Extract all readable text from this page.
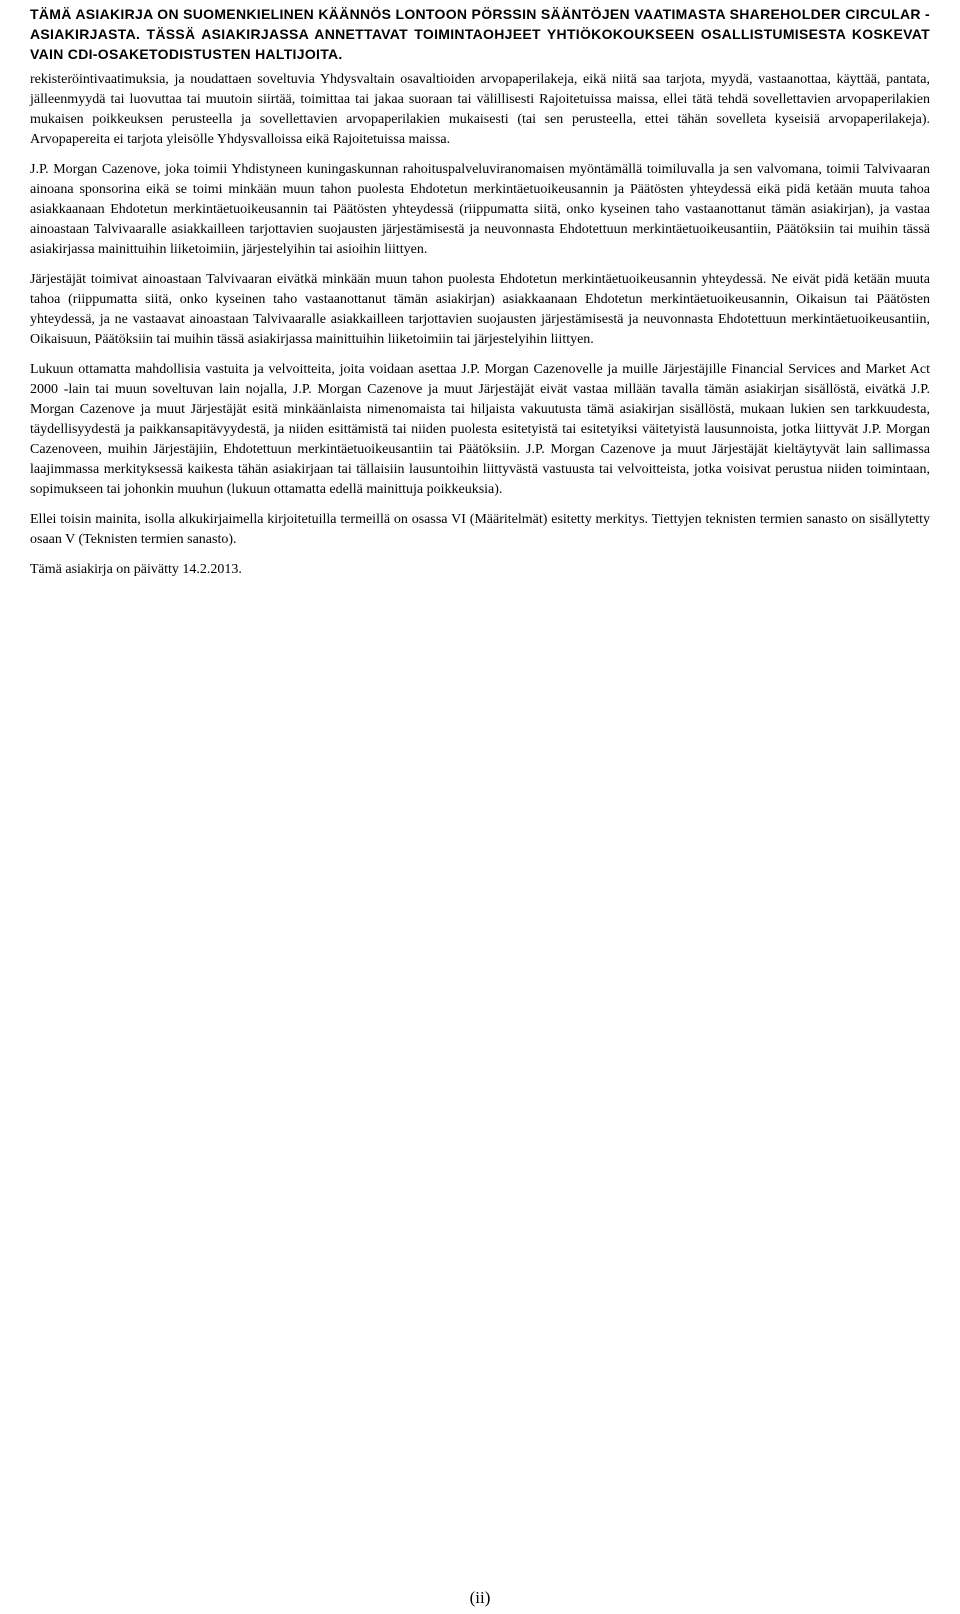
TÄMÄ ASIAKIRJA ON SUOMENKIELINEN KÄÄNNÖS LONTOON PÖRSSIN SÄÄNTÖJEN VAATIMASTA SHAREHOLDER CIRCULAR -ASIAKIRJASTA. TÄSSÄ ASIAKIRJASSA ANNETTAVAT TOIMINTAOHJEET YHTIÖKOKOUKSEEN OSALLISTUMISESTA KOSKEVAT VAIN CDI-OSAKETODISTUSTEN HALTIJOITA.

rekisteröintivaatimuksia, ja noudattaen soveltuvia Yhdysvaltain osavaltioiden arvopaperilakeja, eikä niitä saa tarjota, myydä, vastaanottaa, käyttää, pantata, jälleenmyydä tai luovuttaa tai muutoin siirtää, toimittaa tai jakaa suoraan tai välillisesti Rajoitetuissa maissa, ellei tätä tehdä sovellettavien arvopaperilakien mukaisen poikkeuksen perusteella ja sovellettavien arvopaperilakien mukaisesti (tai sen perusteella, ettei tähän sovelleta kyseisiä arvopaperilakeja). Arvopapereita ei tarjota yleisölle Yhdysvalloissa eikä Rajoitetuissa maissa.

J.P. Morgan Cazenove, joka toimii Yhdistyneen kuningaskunnan rahoituspalveluviranomaisen myöntämällä toimiluvalla ja sen valvomana, toimii Talvivaaran ainoana sponsorina eikä se toimi minkään muun tahon puolesta Ehdotetun merkintäetuoikeusannin ja Päätösten yhteydessä eikä pidä ketään muuta tahoa asiakkaanaan Ehdotetun merkintäetuoikeusannin tai Päätösten yhteydessä (riippumatta siitä, onko kyseinen taho vastaanottanut tämän asiakirjan), ja vastaa ainoastaan Talvivaaralle asiakkailleen tarjottavien suojausten järjestämisestä ja neuvonnasta Ehdotettuun merkintäetuoikeusantiin, Päätöksiin tai muihin tässä asiakirjassa mainittuihin liiketoimiin, järjestelyihin tai asioihin liittyen.

Järjestäjät toimivat ainoastaan Talvivaaran eivätkä minkään muun tahon puolesta Ehdotetun merkintäetuoikeusannin yhteydessä. Ne eivät pidä ketään muuta tahoa (riippumatta siitä, onko kyseinen taho vastaanottanut tämän asiakirjan) asiakkaanaan Ehdotetun merkintäetuoikeusannin, Oikaisun tai Päätösten yhteydessä, ja ne vastaavat ainoastaan Talvivaaralle asiakkailleen tarjottavien suojausten järjestämisestä ja neuvonnasta Ehdotettuun merkintäetuoikeusantiin, Oikaisuun, Päätöksiin tai muihin tässä asiakirjassa mainittuihin liiketoimiin tai järjestelyihin liittyen.

Lukuun ottamatta mahdollisia vastuita ja velvoitteita, joita voidaan asettaa J.P. Morgan Cazenovelle ja muille Järjestäjille Financial Services and Market Act 2000 -lain tai muun soveltuvan lain nojalla, J.P. Morgan Cazenove ja muut Järjestäjät eivät vastaa millään tavalla tämän asiakirjan sisällöstä, eivätkä J.P. Morgan Cazenove ja muut Järjestäjät esitä minkäänlaista nimenomaista tai hiljaista vakuutusta tämä asiakirjan sisällöstä, mukaan lukien sen tarkkuudesta, täydellisyydestä ja paikkansapitävyydestä, ja niiden esittämistä tai niiden puolesta esitetyistä tai esitetyiksi väitetyistä lausunnoista, jotka liittyvät J.P. Morgan Cazenoveen, muihin Järjestäjiin, Ehdotettuun merkintäetuoikeusantiin tai Päätöksiin. J.P. Morgan Cazenove ja muut Järjestäjät kieltäytyvät lain sallimassa laajimmassa merkityksessä kaikesta tähän asiakirjaan tai tällaisiin lausuntoihin liittyvästä vastuusta tai velvoitteista, jotka voisivat perustua niiden toimintaan, sopimukseen tai johonkin muuhun (lukuun ottamatta edellä mainittuja poikkeuksia).

Ellei toisin mainita, isolla alkukirjaimella kirjoitetuilla termeillä on osassa VI (Määritelmät) esitetty merkitys. Tiettyjen teknisten termien sanasto on sisällytetty osaan V (Teknisten termien sanasto).

Tämä asiakirja on päivätty 14.2.2013.

(ii)
